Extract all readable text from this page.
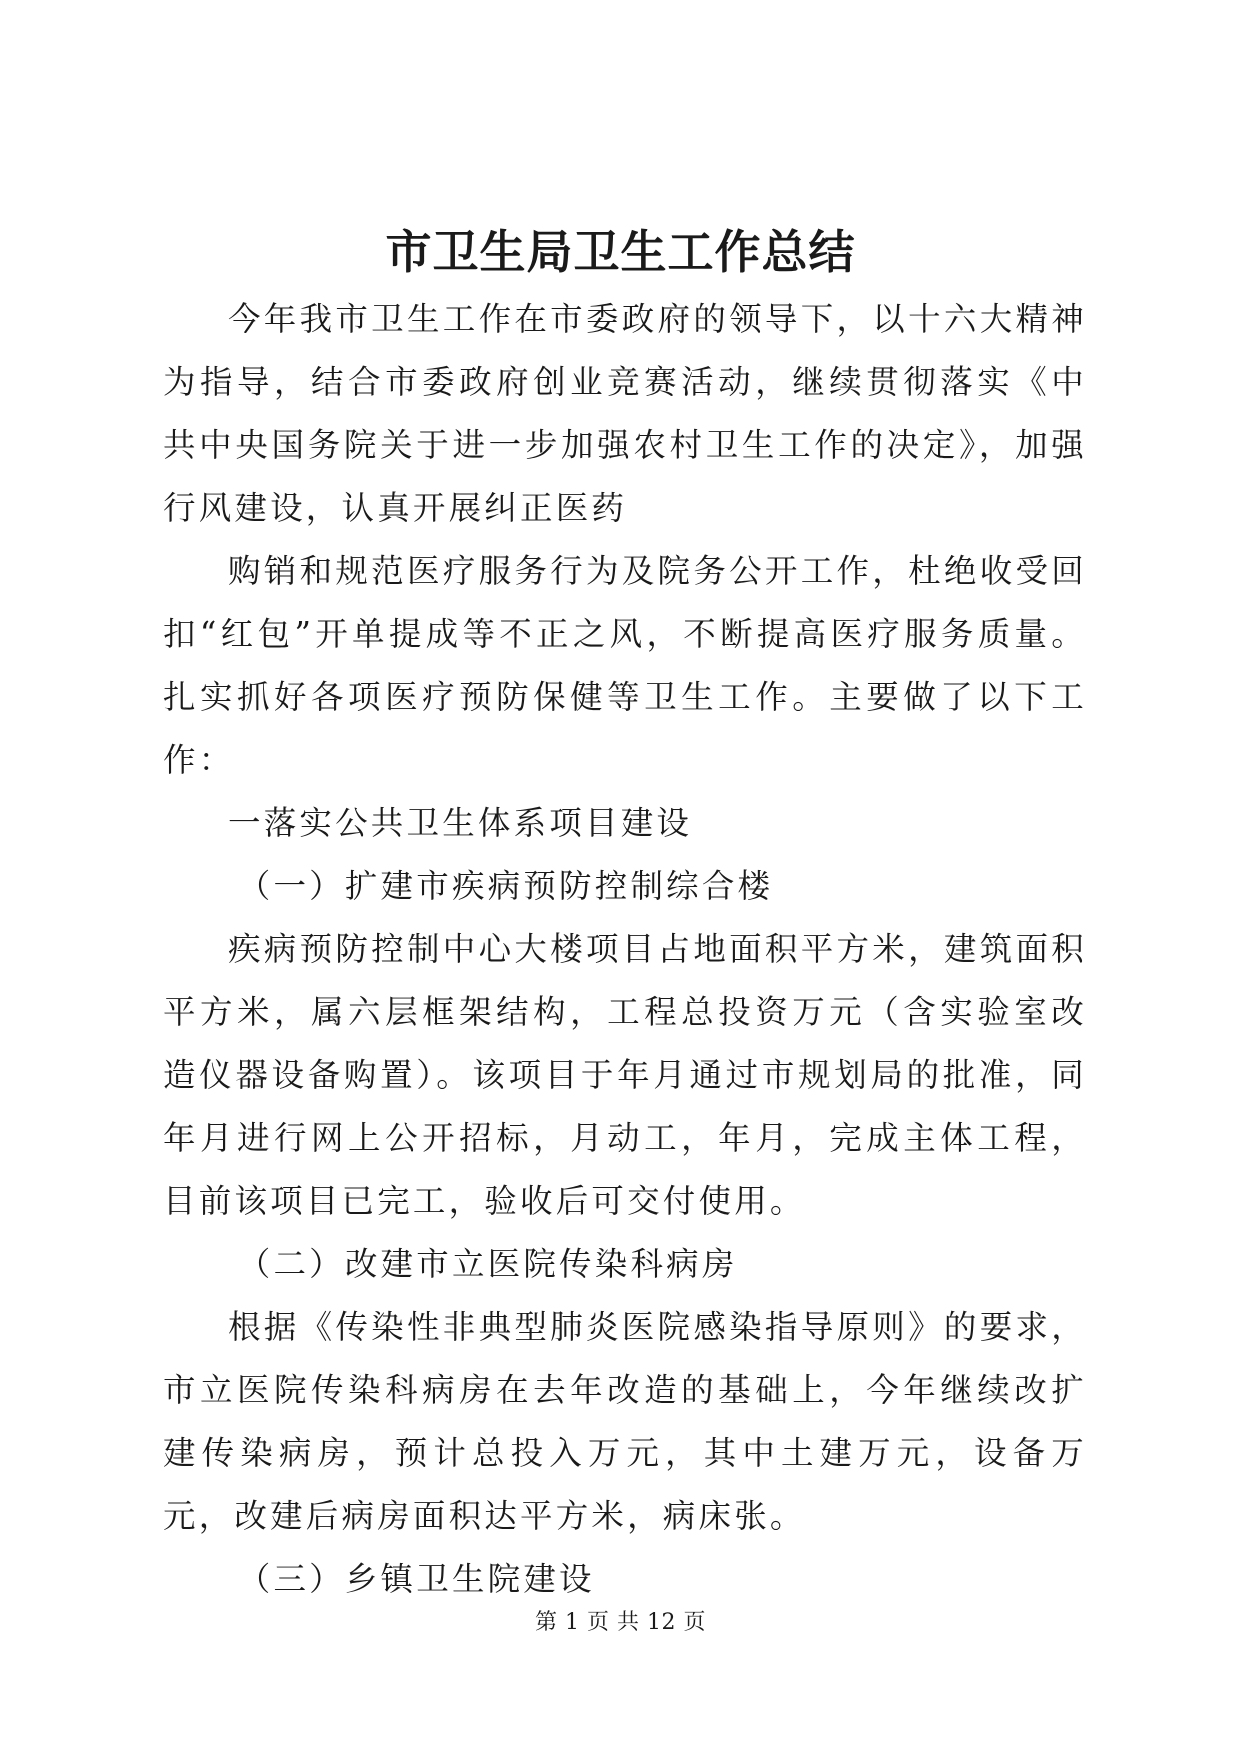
市卫生局卫生工作总结

今年我市卫生工作在市委政府的领导下，以十六大精神为指导，结合市委政府创业竞赛活动，继续贯彻落实《中共中央国务院关于进一步加强农村卫生工作的决定》，加强行风建设，认真开展纠正医药

购销和规范医疗服务行为及院务公开工作，杜绝收受回扣“红包”开单提成等不正之风，不断提高医疗服务质量。扎实抓好各项医疗预防保健等卫生工作。主要做了以下工作：

一落实公共卫生体系项目建设

（一）扩建市疾病预防控制综合楼

疾病预防控制中心大楼项目占地面积平方米，建筑面积平方米，属六层框架结构，工程总投资万元（含实验室改造仪器设备购置）。该项目于年月通过市规划局的批准，同年月进行网上公开招标，月动工，年月，完成主体工程，目前该项目已完工，验收后可交付使用。

（二）改建市立医院传染科病房

根据《传染性非典型肺炎医院感染指导原则》的要求，市立医院传染科病房在去年改造的基础上，今年继续改扩建传染病房，预计总投入万元，其中土建万元，设备万元，改建后病房面积达平方米，病床张。

（三）乡镇卫生院建设

第 1 页 共 12 页
